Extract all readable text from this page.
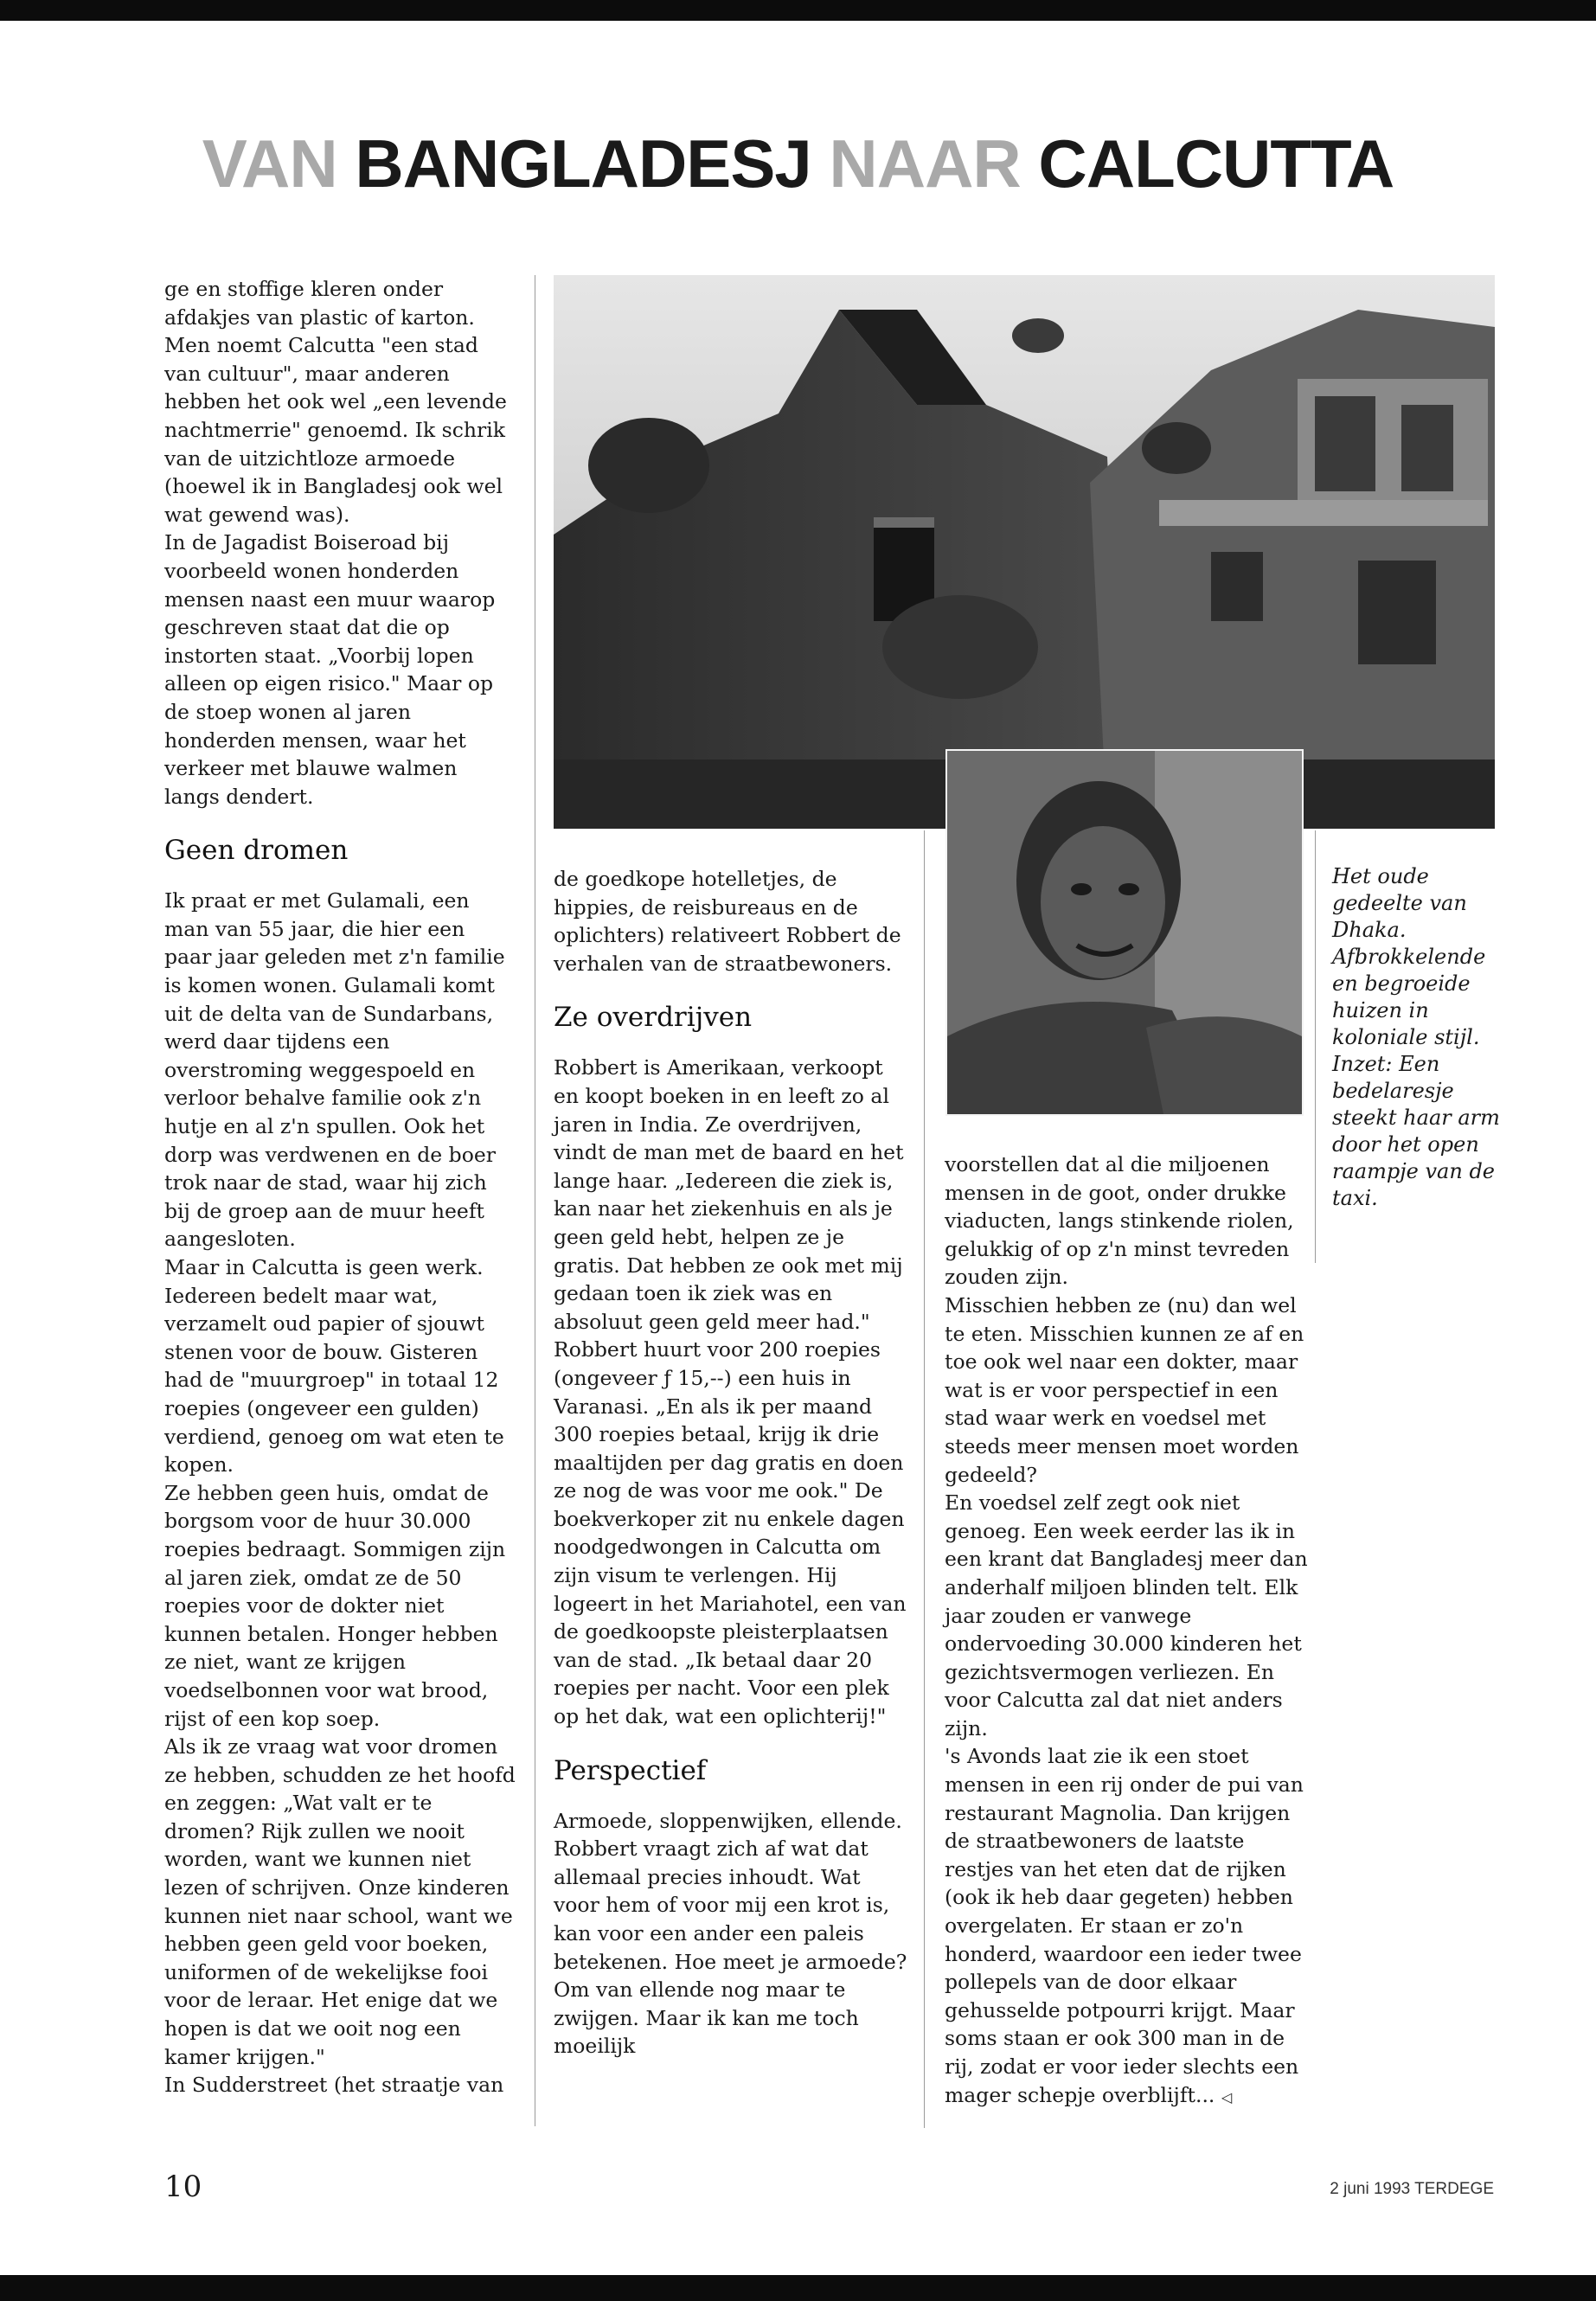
VAN BANGLADESJ NAAR CALCUTTA

ge en stoffige kleren onder afdakjes van plastic of karton. Men noemt Calcutta "een stad van cultuur", maar anderen hebben het ook wel „een levende nachtmerrie" genoemd. Ik schrik van de uitzichtloze armoede (hoewel ik in Bangladesj ook wel wat gewend was).

In de Jagadist Boiseroad bij voorbeeld wonen honderden mensen naast een muur waarop geschreven staat dat die op instorten staat. „Voorbij lopen alleen op eigen risico." Maar op de stoep wonen al jaren honderden mensen, waar het verkeer met blauwe walmen langs dendert.

Geen dromen

Ik praat er met Gulamali, een man van 55 jaar, die hier een paar jaar geleden met z'n familie is komen wonen. Gulamali komt uit de delta van de Sundarbans, werd daar tijdens een overstroming weggespoeld en verloor behalve familie ook z'n hutje en al z'n spullen. Ook het dorp was verdwenen en de boer trok naar de stad, waar hij zich bij de groep aan de muur heeft aangesloten.

Maar in Calcutta is geen werk. Iedereen bedelt maar wat, verzamelt oud papier of sjouwt stenen voor de bouw. Gisteren had de "muurgroep" in totaal 12 roepies (ongeveer een gulden) verdiend, genoeg om wat eten te kopen.

Ze hebben geen huis, omdat de borgsom voor de huur 30.000 roepies bedraagt. Sommigen zijn al jaren ziek, omdat ze de 50 roepies voor de dokter niet kunnen betalen. Honger hebben ze niet, want ze krijgen voedselbonnen voor wat brood, rijst of een kop soep.

Als ik ze vraag wat voor dromen ze hebben, schudden ze het hoofd en zeggen: „Wat valt er te dromen? Rijk zullen we nooit worden, want we kunnen niet lezen of schrijven. Onze kinderen kunnen niet naar school, want we hebben geen geld voor boeken, uniformen of de wekelijkse fooi voor de leraar. Het enige dat we hopen is dat we ooit nog een kamer krijgen."

In Sudderstreet (het straatje van

de goedkope hotelletjes, de hippies, de reisbureaus en de oplichters) relativeert Robbert de verhalen van de straatbewoners.

Ze overdrijven

Robbert is Amerikaan, verkoopt en koopt boeken in en leeft zo al jaren in India. Ze overdrijven, vindt de man met de baard en het lange haar. „Iedereen die ziek is, kan naar het ziekenhuis en als je geen geld hebt, helpen ze je gratis. Dat hebben ze ook met mij gedaan toen ik ziek was en absoluut geen geld meer had."

Robbert huurt voor 200 roepies (ongeveer ƒ 15,--) een huis in Varanasi. „En als ik per maand 300 roepies betaal, krijg ik drie maaltijden per dag gratis en doen ze nog de was voor me ook." De boekverkoper zit nu enkele dagen noodgedwongen in Calcutta om zijn visum te verlengen. Hij logeert in het Mariahotel, een van de goedkoopste pleisterplaatsen van de stad. „Ik betaal daar 20 roepies per nacht. Voor een plek op het dak, wat een oplichterij!"

Perspectief

Armoede, sloppenwijken, ellende. Robbert vraagt zich af wat dat allemaal precies inhoudt. Wat voor hem of voor mij een krot is, kan voor een ander een paleis betekenen. Hoe meet je armoede? Om van ellende nog maar te zwijgen. Maar ik kan me toch moeilijk

voorstellen dat al die miljoenen mensen in de goot, onder drukke viaducten, langs stinkende riolen, gelukkig of op z'n minst tevreden zouden zijn.

Misschien hebben ze (nu) dan wel te eten. Misschien kunnen ze af en toe ook wel naar een dokter, maar wat is er voor perspectief in een stad waar werk en voedsel met steeds meer mensen moet worden gedeeld?

En voedsel zelf zegt ook niet genoeg. Een week eerder las ik in een krant dat Bangladesj meer dan anderhalf miljoen blinden telt. Elk jaar zouden er vanwege ondervoeding 30.000 kinderen het gezichtsvermogen verliezen. En voor Calcutta zal dat niet anders zijn.

's Avonds laat zie ik een stoet mensen in een rij onder de pui van restaurant Magnolia. Dan krijgen de straatbewoners de laatste restjes van het eten dat de rijken (ook ik heb daar gegeten) hebben overgelaten. Er staan er zo'n honderd, waardoor een ieder twee pollepels van de door elkaar gehusselde potpourri krijgt. Maar soms staan er ook 300 man in de rij, zodat er voor ieder slechts een mager schepje overblijft... ◁

Het oude gedeelte van Dhaka. Afbrokkelende en begroeide huizen in koloniale stijl. Inzet: Een bedelaresje steekt haar arm door het open raampje van de taxi.
10	2 juni 1993 TERDEGE
